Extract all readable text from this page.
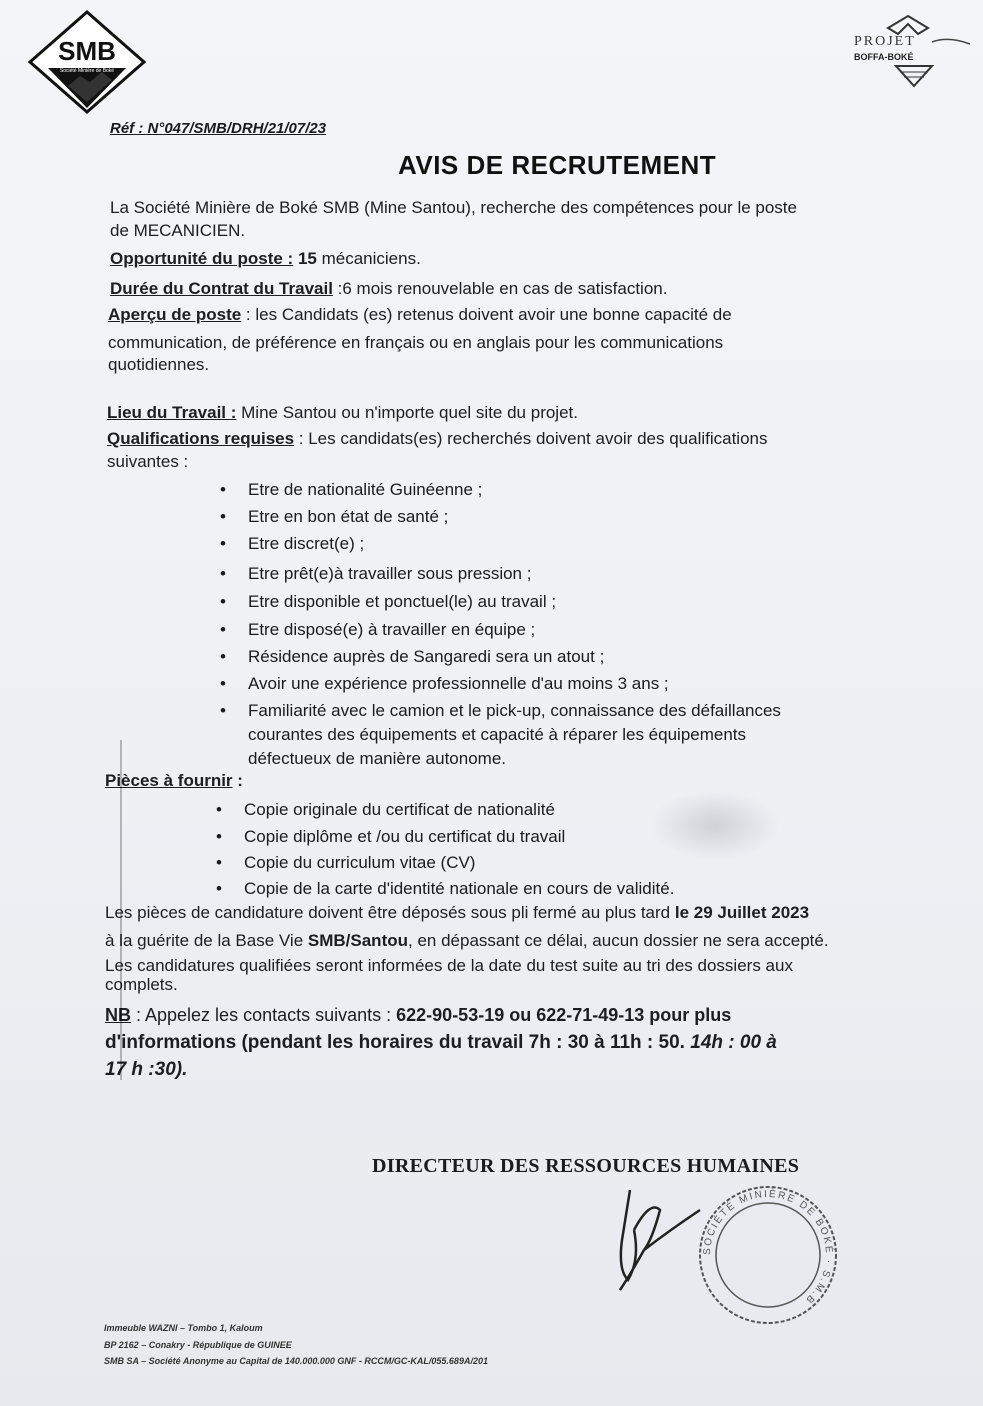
SMB
Société Minière de Boké
PROJET
BOFFA-BOKÉ
Réf : N°047/SMB/DRH/21/07/23
AVIS DE RECRUTEMENT
La Société Minière de Boké SMB (Mine Santou), recherche des compétences pour le poste
de MECANICIEN.
Opportunité du poste : 15 mécaniciens.
Durée du Contrat du Travail :6 mois renouvelable en cas de satisfaction.
Aperçu de poste : les Candidats (es) retenus doivent avoir une bonne capacité de
communication, de préférence en français ou en anglais pour les communications
quotidiennes.
Lieu du Travail : Mine Santou ou n'importe quel site du projet.
Qualifications requises : Les candidats(es) recherchés doivent avoir des qualifications
suivantes :
• Etre de nationalité Guinéenne ;
• Etre en bon état de santé ;
• Etre discret(e) ;
• Etre prêt(e)à travailler sous pression ;
• Etre disponible et ponctuel(le) au travail ;
• Etre disposé(e) à travailler en équipe ;
• Résidence auprès de Sangaredi sera un atout ;
• Avoir une expérience professionnelle d'au moins 3 ans ;
• Familiarité avec le camion et le pick-up, connaissance des défaillances
courantes des équipements et capacité à réparer les équipements
défectueux de manière autonome.
Pièces à fournir :
• Copie originale du certificat de nationalité
• Copie diplôme et /ou du certificat du travail
• Copie du curriculum vitae (CV)
• Copie de la carte d'identité nationale en cours de validité.
Les pièces de candidature doivent être déposés sous pli fermé au plus tard le 29 Juillet 2023
à la guérite de la Base Vie SMB/Santou, en dépassant ce délai, aucun dossier ne sera accepté.
Les candidatures qualifiées seront informées de la date du test suite au tri des dossiers aux
complets.
NB : Appelez les contacts suivants : 622-90-53-19 ou 622-71-49-13 pour plus
d'informations (pendant les horaires du travail 7h : 30 à 11h : 50. 14h : 00 à
17 h :30).
DIRECTEUR DES RESSOURCES HUMAINES
SOCIÉTÉ MINIÈRE DE BOKÉ · S.M.B
Immeuble WAZNI – Tombo 1, Kaloum
BP 2162 – Conakry - République de GUINEE
SMB SA – Société Anonyme au Capital de 140.000.000 GNF - RCCM/GC-KAL/055.689A/201
